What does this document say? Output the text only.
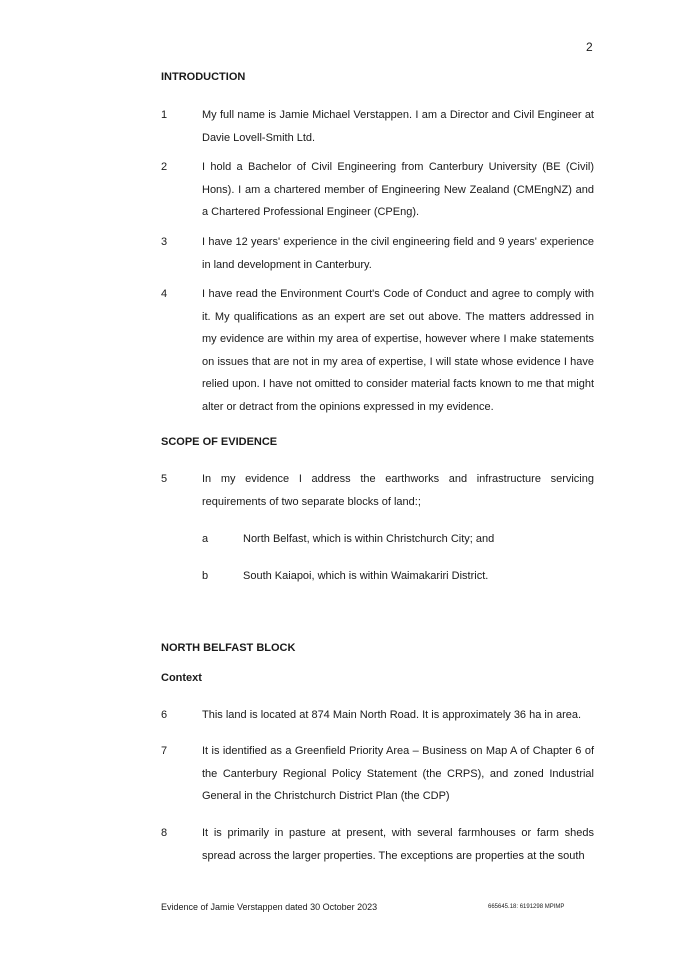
2
INTRODUCTION
1	My full name is Jamie Michael Verstappen. I am a Director and Civil Engineer at Davie Lovell-Smith Ltd.
2	I hold a Bachelor of Civil Engineering from Canterbury University (BE (Civil) Hons). I am a chartered member of Engineering New Zealand (CMEngNZ) and a Chartered Professional Engineer (CPEng).
3	I have 12 years' experience in the civil engineering field and 9 years' experience in land development in Canterbury.
4	I have read the Environment Court's Code of Conduct and agree to comply with it. My qualifications as an expert are set out above. The matters addressed in my evidence are within my area of expertise, however where I make statements on issues that are not in my area of expertise, I will state whose evidence I have relied upon. I have not omitted to consider material facts known to me that might alter or detract from the opinions expressed in my evidence.
SCOPE OF EVIDENCE
5	In my evidence I address the earthworks and infrastructure servicing requirements of two separate blocks of land:;
a	North Belfast, which is within Christchurch City; and
b	South Kaiapoi, which is within Waimakariri District.
NORTH BELFAST BLOCK
Context
6	This land is located at 874 Main North Road. It is approximately 36 ha in area.
7	It is identified as a Greenfield Priority Area – Business on Map A of Chapter 6 of the Canterbury Regional Policy Statement (the CRPS), and zoned Industrial General in the Christchurch District Plan (the CDP)
8	It is primarily in pasture at present, with several farmhouses or farm sheds spread across the larger properties. The exceptions are properties at the south
Evidence of Jamie Verstappen dated 30 October 2023	665645.18: 6191298 MPIMP
